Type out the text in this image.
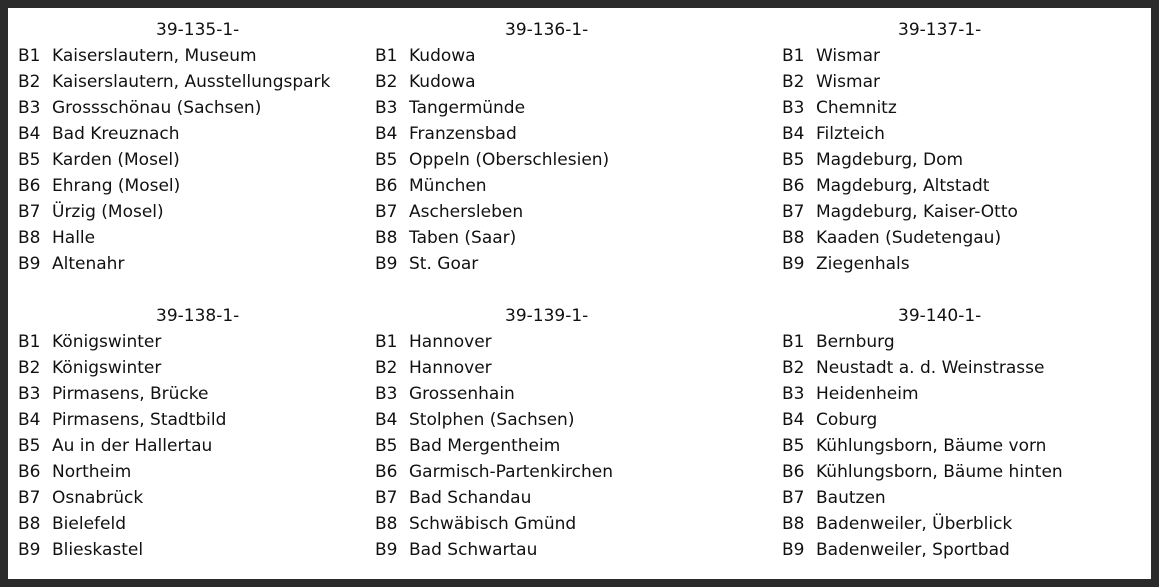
39-135-1-
B1 Kaiserslautern, Museum
B2 Kaiserslautern, Ausstellungspark
B3 Grossschönau (Sachsen)
B4 Bad Kreuznach
B5 Karden (Mosel)
B6 Ehrang (Mosel)
B7 Ürzig (Mosel)
B8 Halle
B9 Altenahr
39-136-1-
B1 Kudowa
B2 Kudowa
B3 Tangermünde
B4 Franzensbad
B5 Oppeln (Oberschlesien)
B6 München
B7 Aschersleben
B8 Taben (Saar)
B9 St. Goar
39-137-1-
B1 Wismar
B2 Wismar
B3 Chemnitz
B4 Filzteich
B5 Magdeburg, Dom
B6 Magdeburg, Altstadt
B7 Magdeburg, Kaiser-Otto
B8 Kaaden (Sudetengau)
B9 Ziegenhals
39-138-1-
B1 Königswinter
B2 Königswinter
B3 Pirmasens, Brücke
B4 Pirmasens, Stadtbild
B5 Au in der Hallertau
B6 Northeim
B7 Osnabrück
B8 Bielefeld
B9 Blieskastel
39-139-1-
B1 Hannover
B2 Hannover
B3 Grossenhain
B4 Stolphen (Sachsen)
B5 Bad Mergentheim
B6 Garmisch-Partenkirchen
B7 Bad Schandau
B8 Schwäbisch Gmünd
B9 Bad Schwartau
39-140-1-
B1 Bernburg
B2 Neustadt a. d. Weinstrasse
B3 Heidenheim
B4 Coburg
B5 Kühlungsborn, Bäume vorn
B6 Kühlungsborn, Bäume hinten
B7 Bautzen
B8 Badenweiler, Überblick
B9 Badenweiler, Sportbad
